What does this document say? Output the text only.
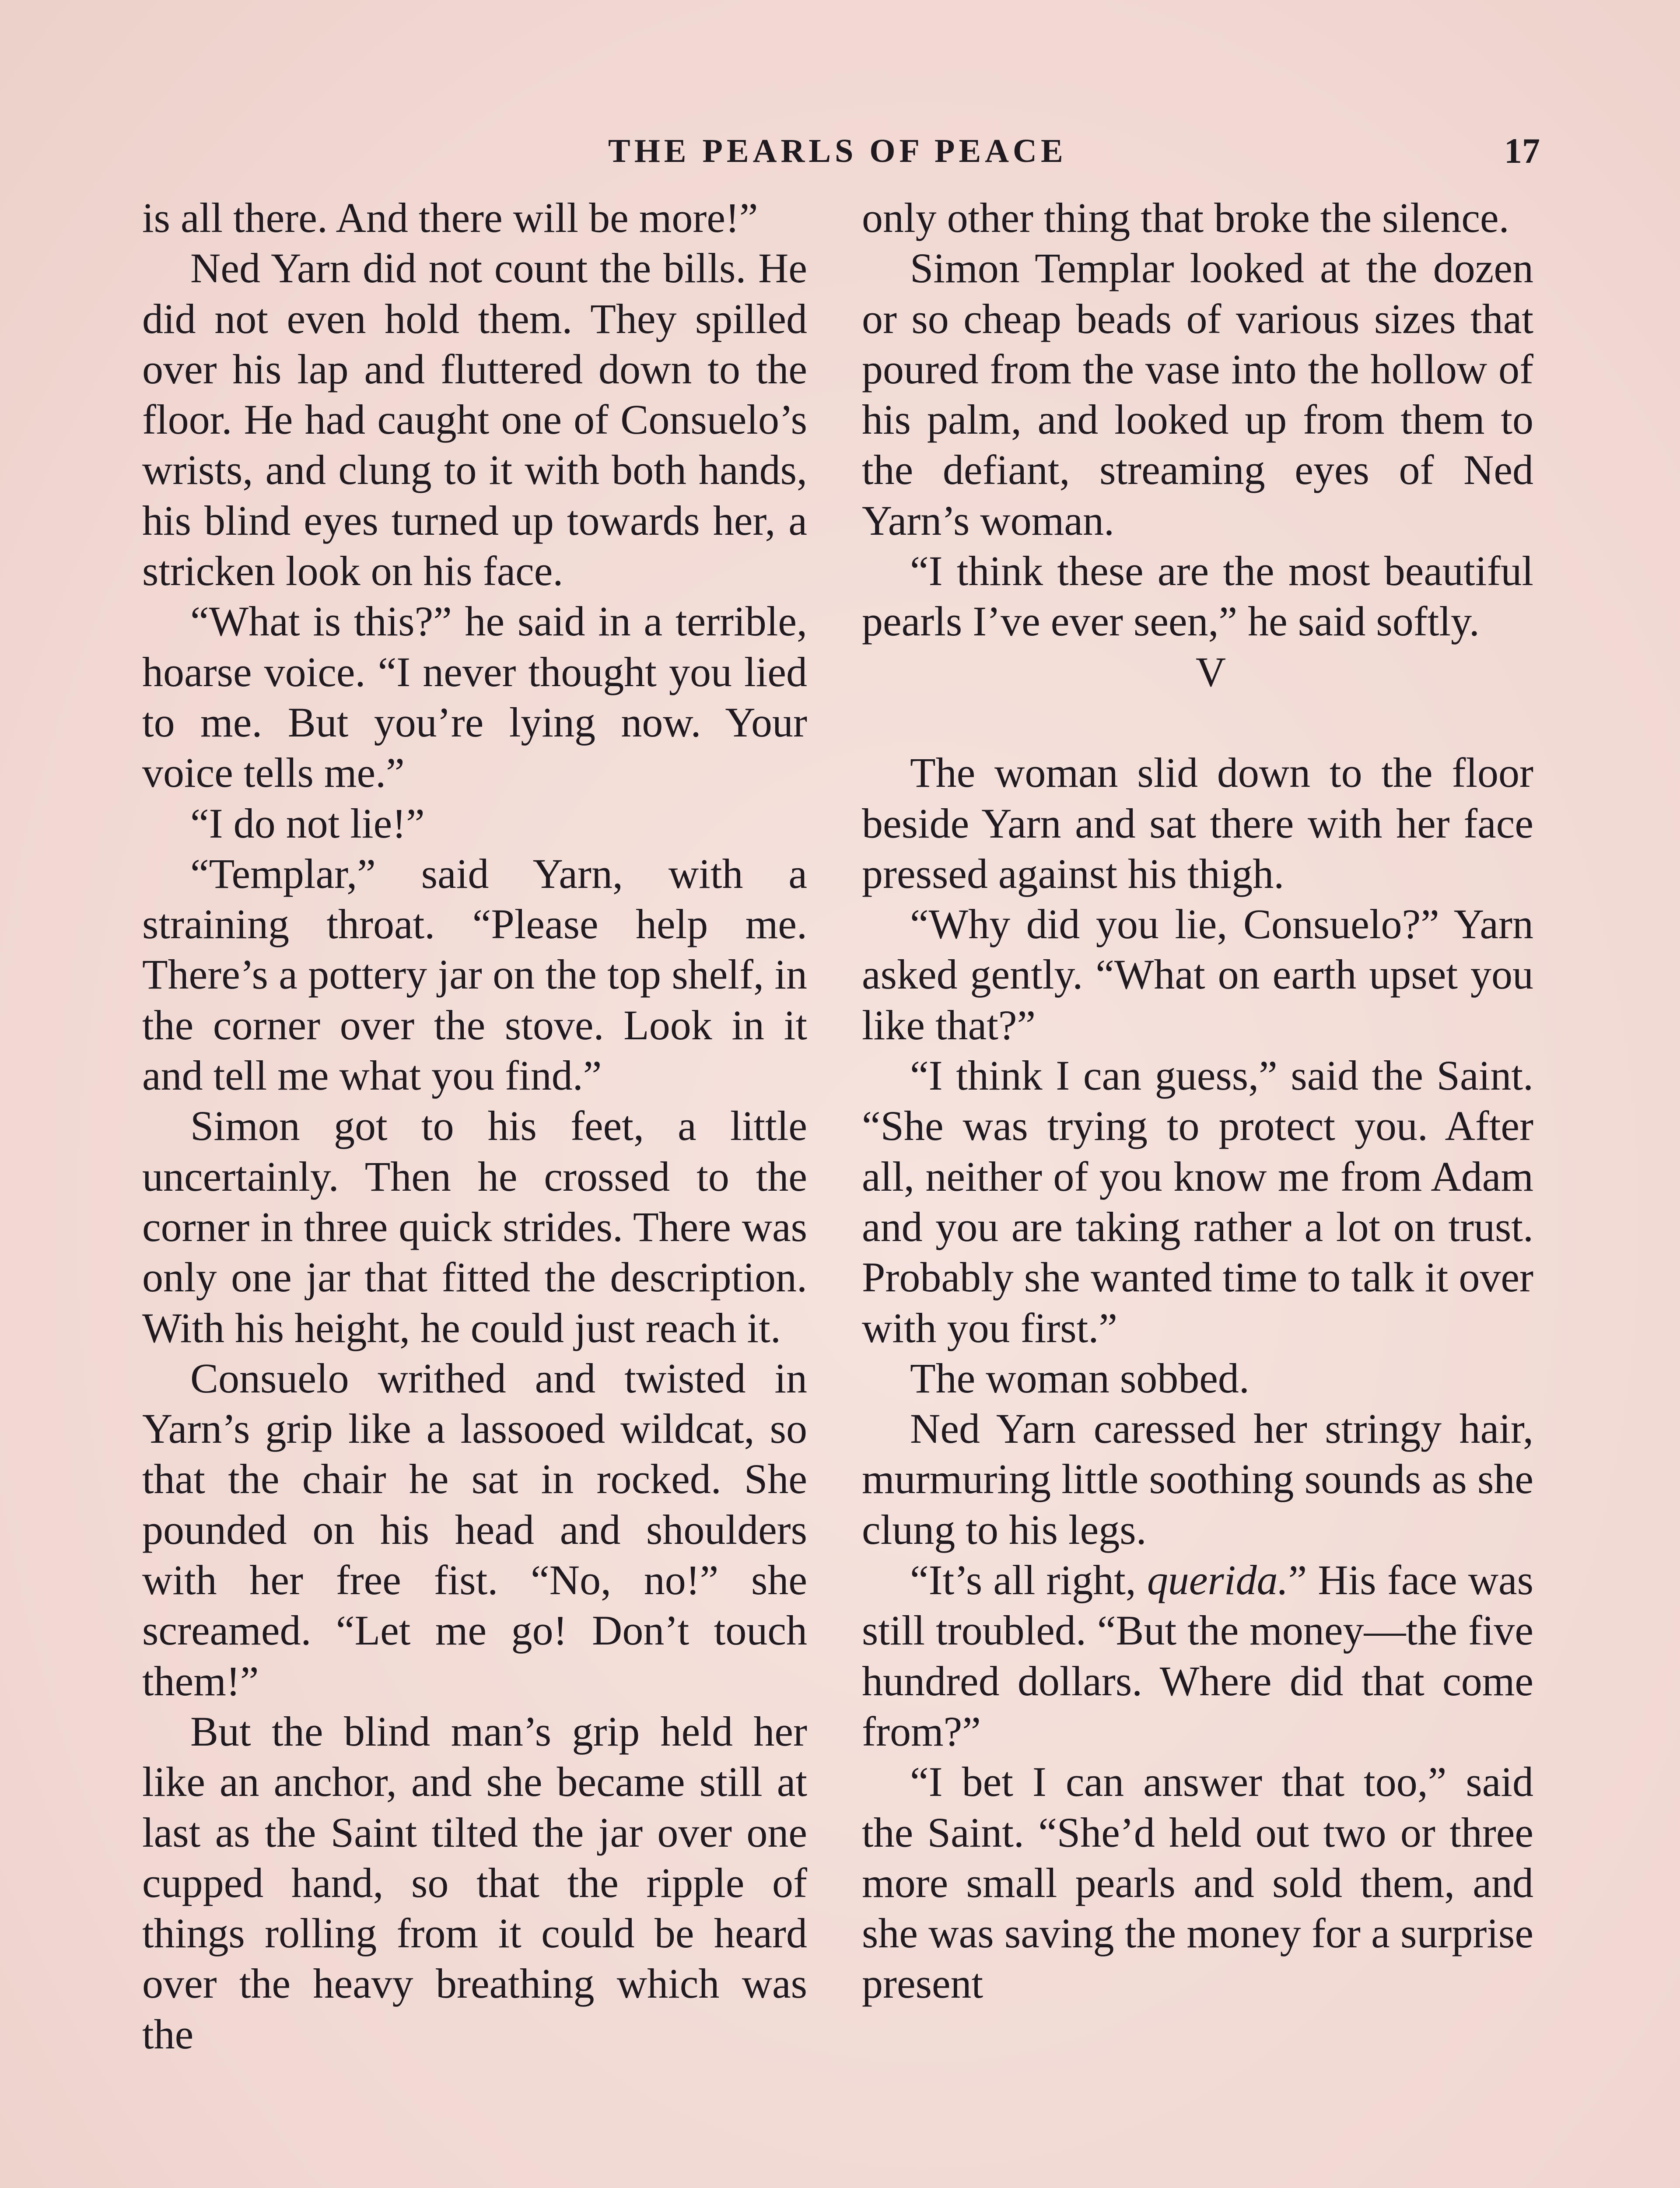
THE PEARLS OF PEACE	17

is all there. And there will be more!”

Ned Yarn did not count the bills. He did not even hold them. They spilled over his lap and fluttered down to the floor. He had caught one of Consuelo’s wrists, and clung to it with both hands, his blind eyes turned up towards her, a stricken look on his face.

“What is this?” he said in a terrible, hoarse voice. “I never thought you lied to me. But you’re lying now. Your voice tells me.”

“I do not lie!”

“Templar,” said Yarn, with a straining throat. “Please help me. There’s a pottery jar on the top shelf, in the corner over the stove. Look in it and tell me what you find.”

Simon got to his feet, a little uncertainly. Then he crossed to the corner in three quick strides. There was only one jar that fitted the description. With his height, he could just reach it.

Consuelo writhed and twisted in Yarn’s grip like a lassooed wildcat, so that the chair he sat in rocked. She pounded on his head and shoulders with her free fist. “No, no!” she screamed. “Let me go! Don’t touch them!”

But the blind man’s grip held her like an anchor, and she became still at last as the Saint tilted the jar over one cupped hand, so that the ripple of things rolling from it could be heard over the heavy breathing which was the

only other thing that broke the silence.

Simon Templar looked at the dozen or so cheap beads of various sizes that poured from the vase into the hollow of his palm, and looked up from them to the defiant, streaming eyes of Ned Yarn’s woman.

“I think these are the most beautiful pearls I’ve ever seen,” he said softly.

V

The woman slid down to the floor beside Yarn and sat there with her face pressed against his thigh.

“Why did you lie, Consuelo?” Yarn asked gently. “What on earth upset you like that?”

“I think I can guess,” said the Saint. “She was trying to protect you. After all, neither of you know me from Adam and you are taking rather a lot on trust. Probably she wanted time to talk it over with you first.”

The woman sobbed.

Ned Yarn caressed her stringy hair, murmuring little soothing sounds as she clung to his legs.

“It’s all right, querida.” His face was still troubled. “But the money—the five hundred dollars. Where did that come from?”

“I bet I can answer that too,” said the Saint. “She’d held out two or three more small pearls and sold them, and she was saving the money for a surprise present
